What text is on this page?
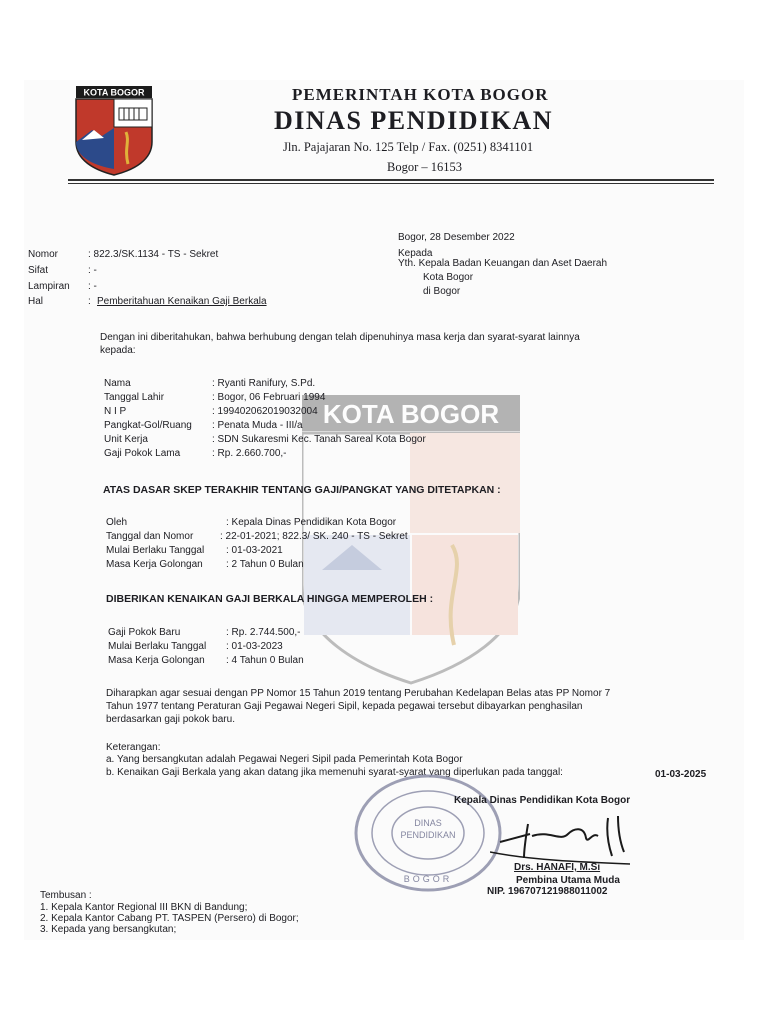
KOTA BOGOR	PEMERINTAH KOTA BOGOR
DINAS PENDIDIKAN
Jln. Pajajaran No. 125 Telp / Fax. (0251) 8341101
Bogor – 16153
KOTA BOGOR
Nomor	: 822.3/SK.1134 - TS - Sekret
Sifat	: -
Lampiran : -
Hal	: Pemberitahuan Kenaikan Gaji Berkala
Bogor, 28 Desember 2022
Kepada
Yth. Kepala Badan Keuangan dan Aset Daerah
Kota Bogor
di Bogor
Dengan ini diberitahukan, bahwa berhubung dengan telah dipenuhinya masa kerja dan syarat-syarat lainnya
kepada:
Nama	: Ryanti Ranifury, S.Pd.
Tanggal Lahir	: Bogor, 06 Februari 1994
N I P	: 199402062019032004
Pangkat-Gol/Ruang : Penata Muda - III/a
Unit Kerja	: SDN Sukaresmi Kec. Tanah Sareal Kota Bogor
Gaji Pokok Lama	: Rp. 2.660.700,-
ATAS DASAR SKEP TERAKHIR TENTANG GAJI/PANGKAT YANG DITETAPKAN :
Oleh	: Kepala Dinas Pendidikan Kota Bogor
Tanggal dan Nomor	: 22-01-2021; 822.3/ SK. 240 - TS - Sekret
Mulai Berlaku Tanggal : 01-03-2021
Masa Kerja Golongan : 2 Tahun 0 Bulan
DIBERIKAN KENAIKAN GAJI BERKALA HINGGA MEMPEROLEH :
Gaji Pokok Baru	: Rp. 2.744.500,-
Mulai Berlaku Tanggal : 01-03-2023
Masa Kerja Golongan : 4 Tahun 0 Bulan
Diharapkan agar sesuai dengan PP Nomor 15 Tahun 2019 tentang Perubahan Kedelapan Belas atas PP Nomor 7
Tahun 1977 tentang Peraturan Gaji Pegawai Negeri Sipil, kepada pegawai tersebut dibayarkan penghasilan
berdasarkan gaji pokok baru.
Keterangan:
a. Yang bersangkutan adalah Pegawai Negeri Sipil pada Pemerintah Kota Bogor
b. Kenaikan Gaji Berkala yang akan datang jika memenuhi syarat-syarat yang diperlukan pada tanggal:	01-03-2025
DINAS
PENDIDIKAN
BOGOR
Kepala Dinas Pendidikan Kota Bogor
Drs. HANAFI, M.Si
Pembina Utama Muda
NIP. 196707121988011002
Tembusan :
1. Kepala Kantor Regional III BKN di Bandung;
2. Kepala Kantor Cabang PT. TASPEN (Persero) di Bogor;
3. Kepada yang bersangkutan;
